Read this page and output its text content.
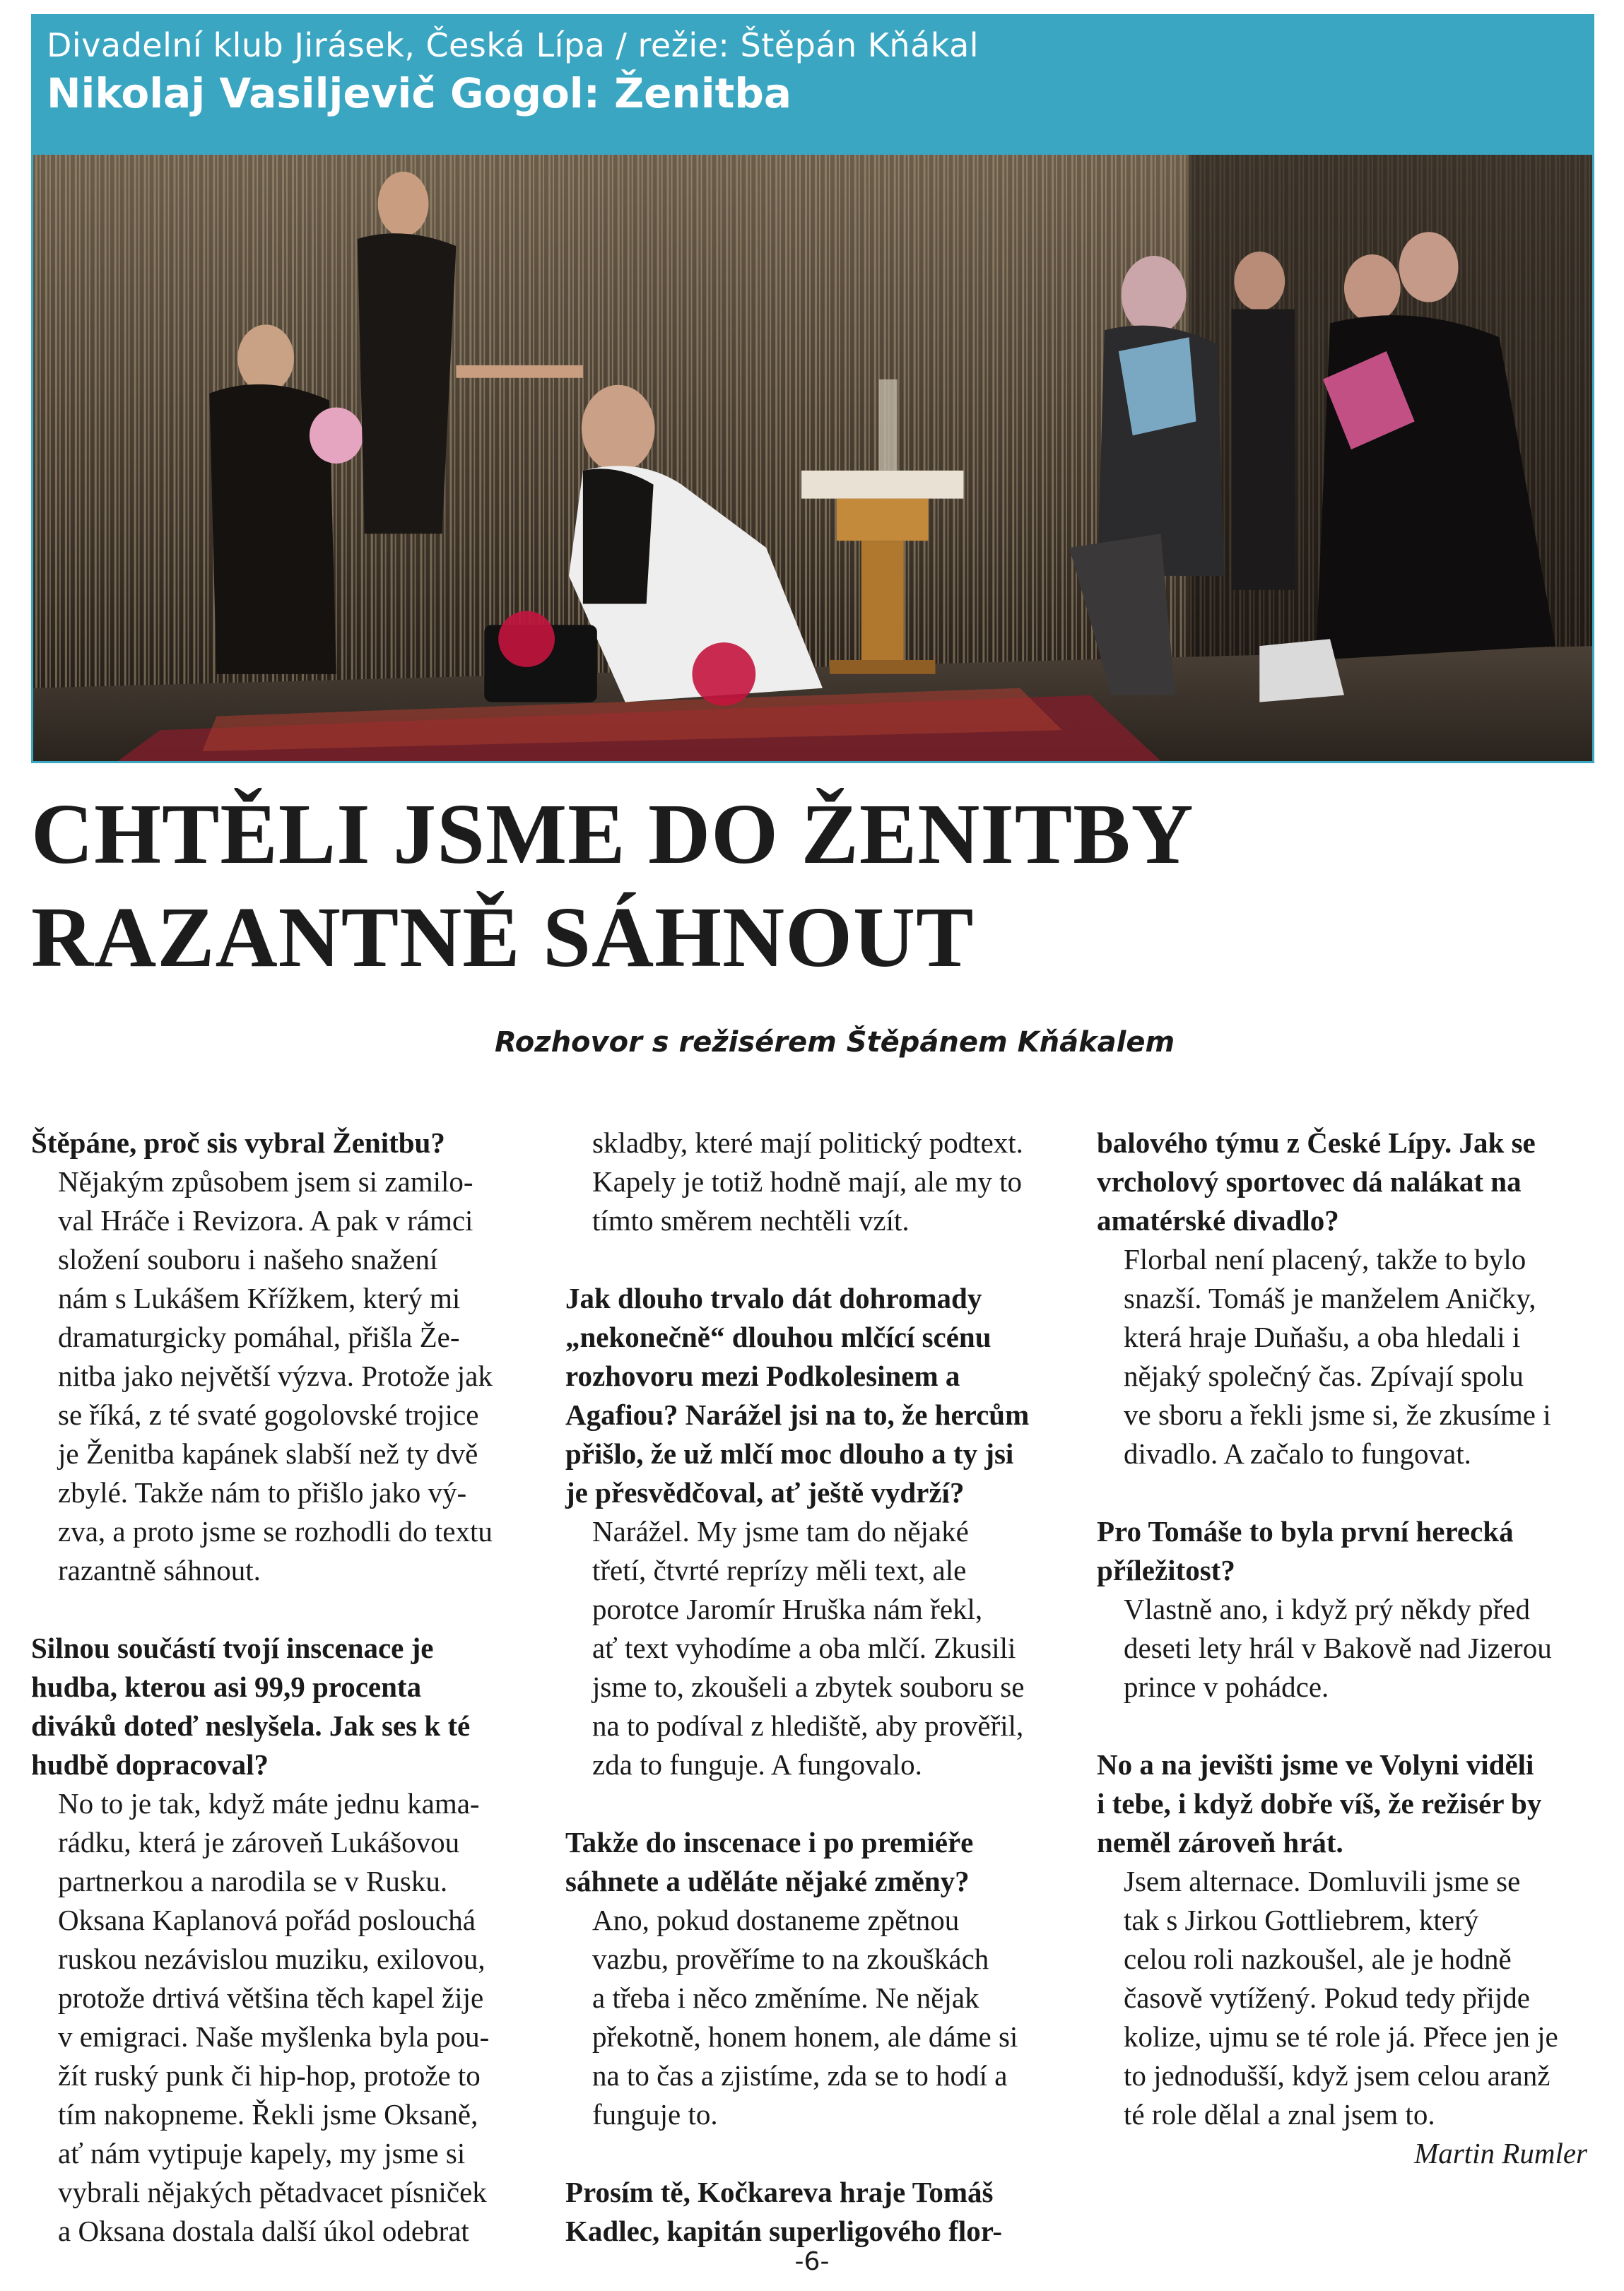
Divadelní klub Jirásek, Česká Lípa / režie: Štěpán Kňákal
Nikolaj Vasiljevič Gogol: Ženitba
CHTĚLI JSME DO ŽENITBY
RAZANTNĚ SÁHNOUT
Rozhovor s režisérem Štěpánem Kňákalem
Štěpáne, proč sis vybral Ženitbu?
Nějakým způsobem jsem si zamilo-
val Hráče i Revizora. A pak v rámci
složení souboru i našeho snažení
nám s Lukášem Křížkem, který mi
dramaturgicky pomáhal, přišla Že-
nitba jako největší výzva. Protože jak
se říká, z té svaté gogolovské trojice
je Ženitba kapánek slabší než ty dvě
zbylé. Takže nám to přišlo jako vý-
zva, a proto jsme se rozhodli do textu
razantně sáhnout.
Silnou součástí tvojí inscenace je
hudba, kterou asi 99,9 procenta
diváků doteď neslyšela. Jak ses k té
hudbě dopracoval?
No to je tak, když máte jednu kama-
rádku, která je zároveň Lukášovou
partnerkou a narodila se v Rusku.
Oksana Kaplanová pořád poslouchá
ruskou nezávislou muziku, exilovou,
protože drtivá většina těch kapel žije
v emigraci. Naše myšlenka byla pou-
žít ruský punk či hip-hop, protože to
tím nakopneme. Řekli jsme Oksaně,
ať nám vytipuje kapely, my jsme si
vybrali nějakých pětadvacet písniček
a Oksana dostala další úkol odebrat
skladby, které mají politický podtext.
Kapely je totiž hodně mají, ale my to
tímto směrem nechtěli vzít.
Jak dlouho trvalo dát dohromady
„nekonečně“ dlouhou mlčící scénu
rozhovoru mezi Podkolesinem a
Agafiou? Narážel jsi na to, že hercům
přišlo, že už mlčí moc dlouho a ty jsi
je přesvědčoval, ať ještě vydrží?
Narážel. My jsme tam do nějaké
třetí, čtvrté reprízy měli text, ale
porotce Jaromír Hruška nám řekl,
ať text vyhodíme a oba mlčí. Zkusili
jsme to, zkoušeli a zbytek souboru se
na to podíval z hlediště, aby prověřil,
zda to funguje. A fungovalo.
Takže do inscenace i po premiéře
sáhnete a uděláte nějaké změny?
Ano, pokud dostaneme zpětnou
vazbu, prověříme to na zkouškách
a třeba i něco změníme. Ne nějak
překotně, honem honem, ale dáme si
na to čas a zjistíme, zda se to hodí a
funguje to.
Prosím tě, Kočkareva hraje Tomáš
Kadlec, kapitán superligového flor-
balového týmu z České Lípy. Jak se
vrcholový sportovec dá nalákat na
amatérské divadlo?
Florbal není placený, takže to bylo
snazší. Tomáš je manželem Aničky,
která hraje Duňašu, a oba hledali i
nějaký společný čas. Zpívají spolu
ve sboru a řekli jsme si, že zkusíme i
divadlo. A začalo to fungovat.
Pro Tomáše to byla první herecká
příležitost?
Vlastně ano, i když prý někdy před
deseti lety hrál v Bakově nad Jizerou
prince v pohádce.
No a na jevišti jsme ve Volyni viděli
i tebe, i když dobře víš, že režisér by
neměl zároveň hrát.
Jsem alternace. Domluvili jsme se
tak s Jirkou Gottliebrem, který
celou roli nazkoušel, ale je hodně
časově vytížený. Pokud tedy přijde
kolize, ujmu se té role já. Přece jen je
to jednodušší, když jsem celou aranž
té role dělal a znal jsem to.
Martin Rumler
-6-
